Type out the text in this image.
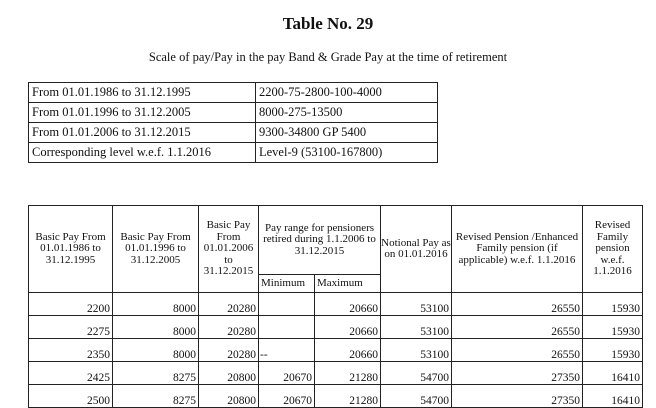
Table No. 29
Scale of pay/Pay in the pay Band & Grade Pay at the time of retirement
From 01.01.1986 to 31.12.1995	2200-75-2800-100-4000
From 01.01.1996 to 31.12.2005	8000-275-13500
From 01.01.2006 to 31.12.2015	9300-34800 GP 5400
Corresponding level w.e.f. 1.1.2016	Level-9 (53100-167800)
Basic Pay From 01.01.1986 to 31.12.1995	Basic Pay From 01.01.1996 to 31.12.2005	Basic Pay From 01.01.2006 to 31.12.2015	Pay range for pensioners retired during 1.1.2006 to 31.12.2015		Notional Pay as on 01.01.2016	Revised Pension /Enhanced Family pension (if applicable) w.e.f. 1.1.2016	Revised Family pension w.e.f. 1.1.2016
			Minimum	Maximum			
2200	8000	20280		20660	53100	26550	15930
2275	8000	20280		20660	53100	26550	15930
2350	8000	20280	--	20660	53100	26550	15930
2425	8275	20800	20670	21280	54700	27350	16410
2500	8275	20800	20670	21280	54700	27350	16410
